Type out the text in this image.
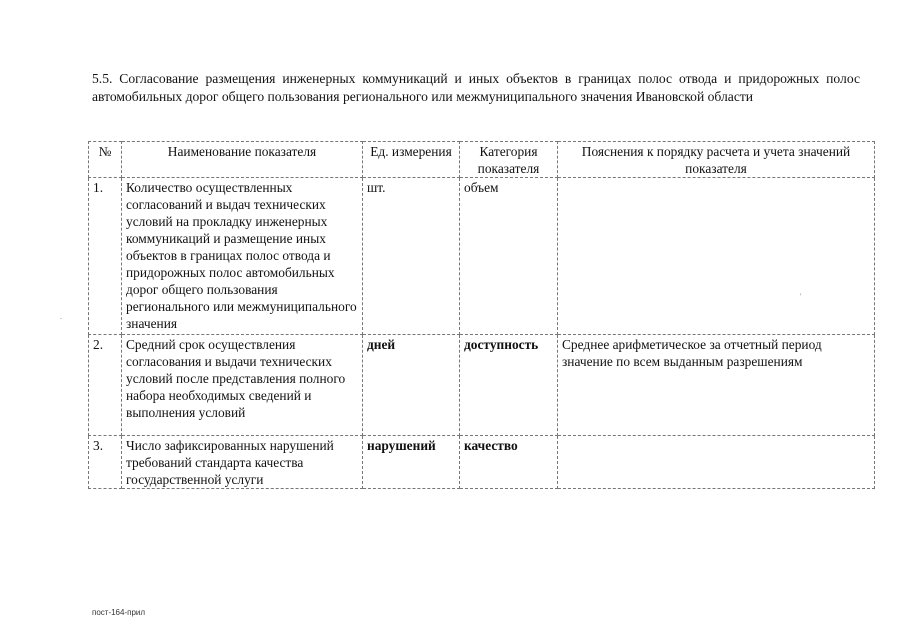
5.5. Согласование размещения инженерных коммуникаций и иных объектов в границах полос отвода и придорожных полос автомобильных дорог общего пользования регионального или межмуниципального значения Ивановской области

№	Наименование показателя	Ед. измерения	Категория показателя	Пояснения к порядку расчета и учета значений показателя
1.	Количество осуществленных согласований и выдач технических условий на прокладку инженерных коммуникаций и размещение иных объектов в границах полос отвода и придорожных полос автомобильных дорог общего пользования регионального или межмуниципального значения	шт.	объем	
2.	Средний срок осуществления согласования и выдачи технических условий после представления полного набора необходимых сведений и выполнения условий	дней	доступность	Среднее арифметическое за отчетный период значение по всем выданным разрешениям
3.	Число зафиксированных нарушений требований стандарта качества государственной услуги	нарушений	качество	
'
.
пост-164-прил
